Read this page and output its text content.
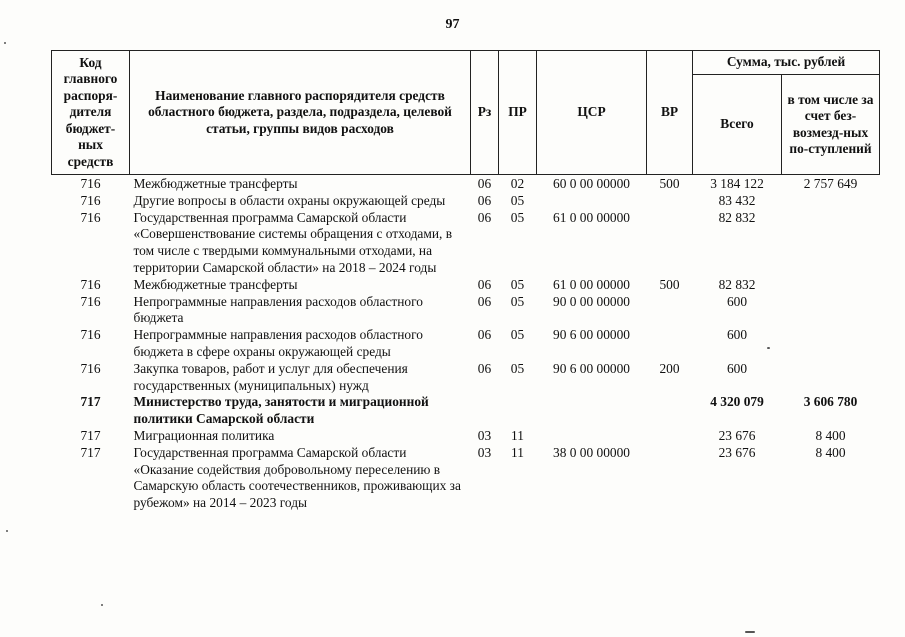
97
Код главного распоря-дителя бюджет-ных средств	Наименование главного распорядителя средств областного бюджета, раздела, подраздела, целевой статьи, группы видов расходов	Рз	ПР	ЦСР	ВР	Сумма, тыс. рублей	
						Всего	в том числе за счет без-возмезд-ных по-ступлений
716	Межбюджетные трансферты	06	02	60 0 00 00000	500	3 184 122	2 757 649
716	Другие вопросы в области охраны окружающей среды	06	05			83 432	
716	Государственная программа Самарской области «Совершенствование системы обращения с отходами, в том числе с твердыми коммунальными отходами, на территории Самарской области» на 2018 – 2024 годы	06	05	61 0 00 00000		82 832	
716	Межбюджетные трансферты	06	05	61 0 00 00000	500	82 832	
716	Непрограммные направления расходов областного бюджета	06	05	90 0 00 00000		600	
716	Непрограммные направления расходов областного бюджета в сфере охраны окружающей среды	06	05	90 6 00 00000		600	
716	Закупка товаров, работ и услуг для обеспечения государственных (муниципальных) нужд	06	05	90 6 00 00000	200	600	
717	Министерство труда, занятости и миграционной политики Самарской области					4 320 079	3 606 780
717	Миграционная политика	03	11			23 676	8 400
717	Государственная программа Самарской области «Оказание содействия добровольному переселению в Самарскую область соотечественников, проживающих за рубежом» на 2014 – 2023 годы	03	11	38 0 00 00000		23 676	8 400
